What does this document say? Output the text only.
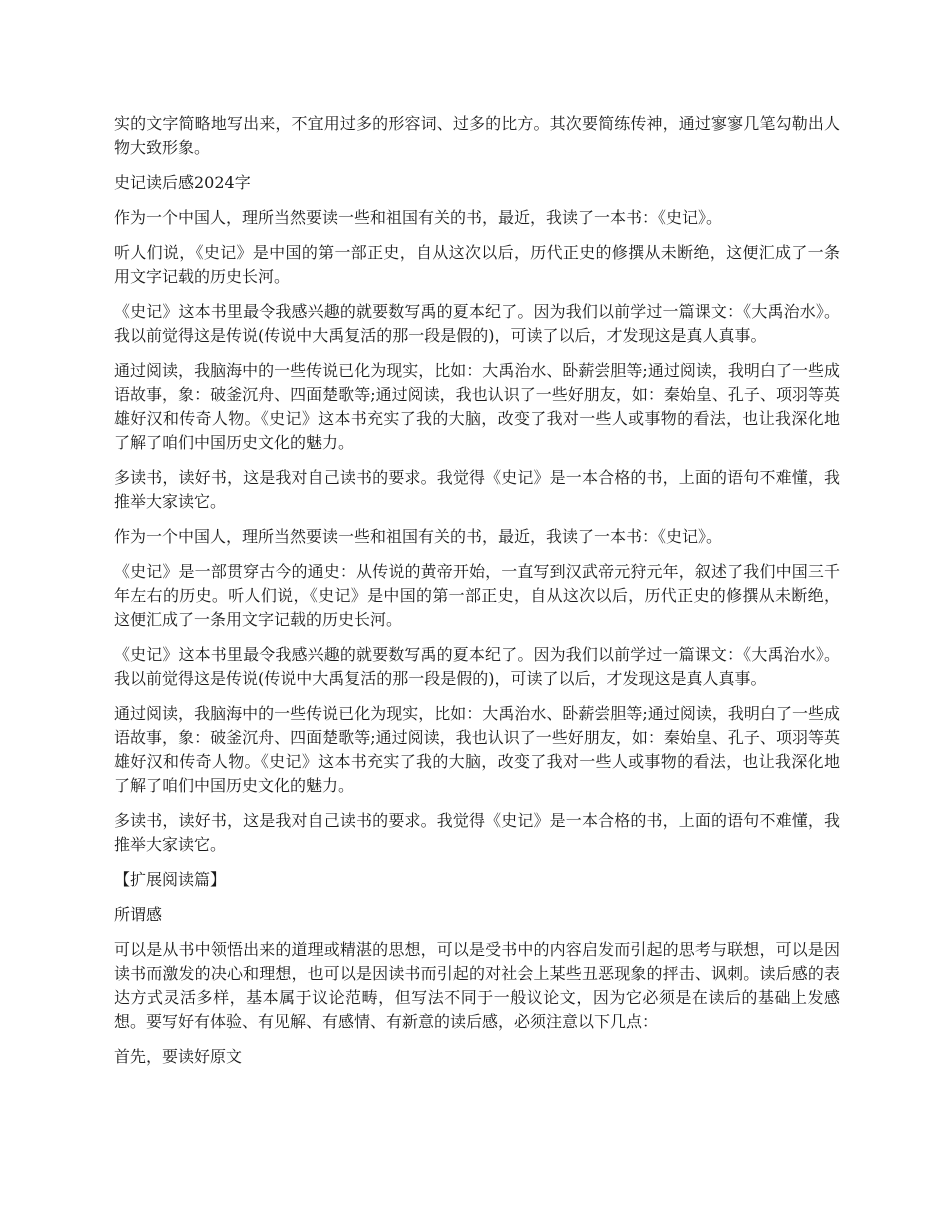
实的文字简略地写出来，不宜用过多的形容词、过多的比方。其次要简练传神，通过寥寥几笔勾勒出人物大致形象。

史记读后感2024字

作为一个中国人，理所当然要读一些和祖国有关的书，最近，我读了一本书：《史记》。

听人们说，《史记》是中国的第一部正史，自从这次以后，历代正史的修撰从未断绝，这便汇成了一条用文字记载的历史长河。

《史记》这本书里最令我感兴趣的就要数写禹的夏本纪了。因为我们以前学过一篇课文：《大禹治水》。我以前觉得这是传说(传说中大禹复活的那一段是假的)，可读了以后，才发现这是真人真事。

通过阅读，我脑海中的一些传说已化为现实，比如：大禹治水、卧薪尝胆等;通过阅读，我明白了一些成语故事，象：破釜沉舟、四面楚歌等;通过阅读，我也认识了一些好朋友，如：秦始皇、孔子、项羽等英雄好汉和传奇人物。《史记》这本书充实了我的大脑，改变了我对一些人或事物的看法，也让我深化地了解了咱们中国历史文化的魅力。

多读书，读好书，这是我对自己读书的要求。我觉得《史记》是一本合格的书，上面的语句不难懂，我推举大家读它。

作为一个中国人，理所当然要读一些和祖国有关的书，最近，我读了一本书：《史记》。

《史记》是一部贯穿古今的通史：从传说的黄帝开始，一直写到汉武帝元狩元年，叙述了我们中国三千年左右的历史。听人们说，《史记》是中国的第一部正史，自从这次以后，历代正史的修撰从未断绝，这便汇成了一条用文字记载的历史长河。

《史记》这本书里最令我感兴趣的就要数写禹的夏本纪了。因为我们以前学过一篇课文：《大禹治水》。我以前觉得这是传说(传说中大禹复活的那一段是假的)，可读了以后，才发现这是真人真事。

通过阅读，我脑海中的一些传说已化为现实，比如：大禹治水、卧薪尝胆等;通过阅读，我明白了一些成语故事，象：破釜沉舟、四面楚歌等;通过阅读，我也认识了一些好朋友，如：秦始皇、孔子、项羽等英雄好汉和传奇人物。《史记》这本书充实了我的大脑，改变了我对一些人或事物的看法，也让我深化地了解了咱们中国历史文化的魅力。

多读书，读好书，这是我对自己读书的要求。我觉得《史记》是一本合格的书，上面的语句不难懂，我推举大家读它。

【扩展阅读篇】

所谓感

可以是从书中领悟出来的道理或精湛的思想，可以是受书中的内容启发而引起的思考与联想，可以是因读书而激发的决心和理想，也可以是因读书而引起的对社会上某些丑恶现象的抨击、讽刺。读后感的表达方式灵活多样，基本属于议论范畴，但写法不同于一般议论文，因为它必须是在读后的基础上发感想。要写好有体验、有见解、有感情、有新意的读后感，必须注意以下几点：

首先，要读好原文
